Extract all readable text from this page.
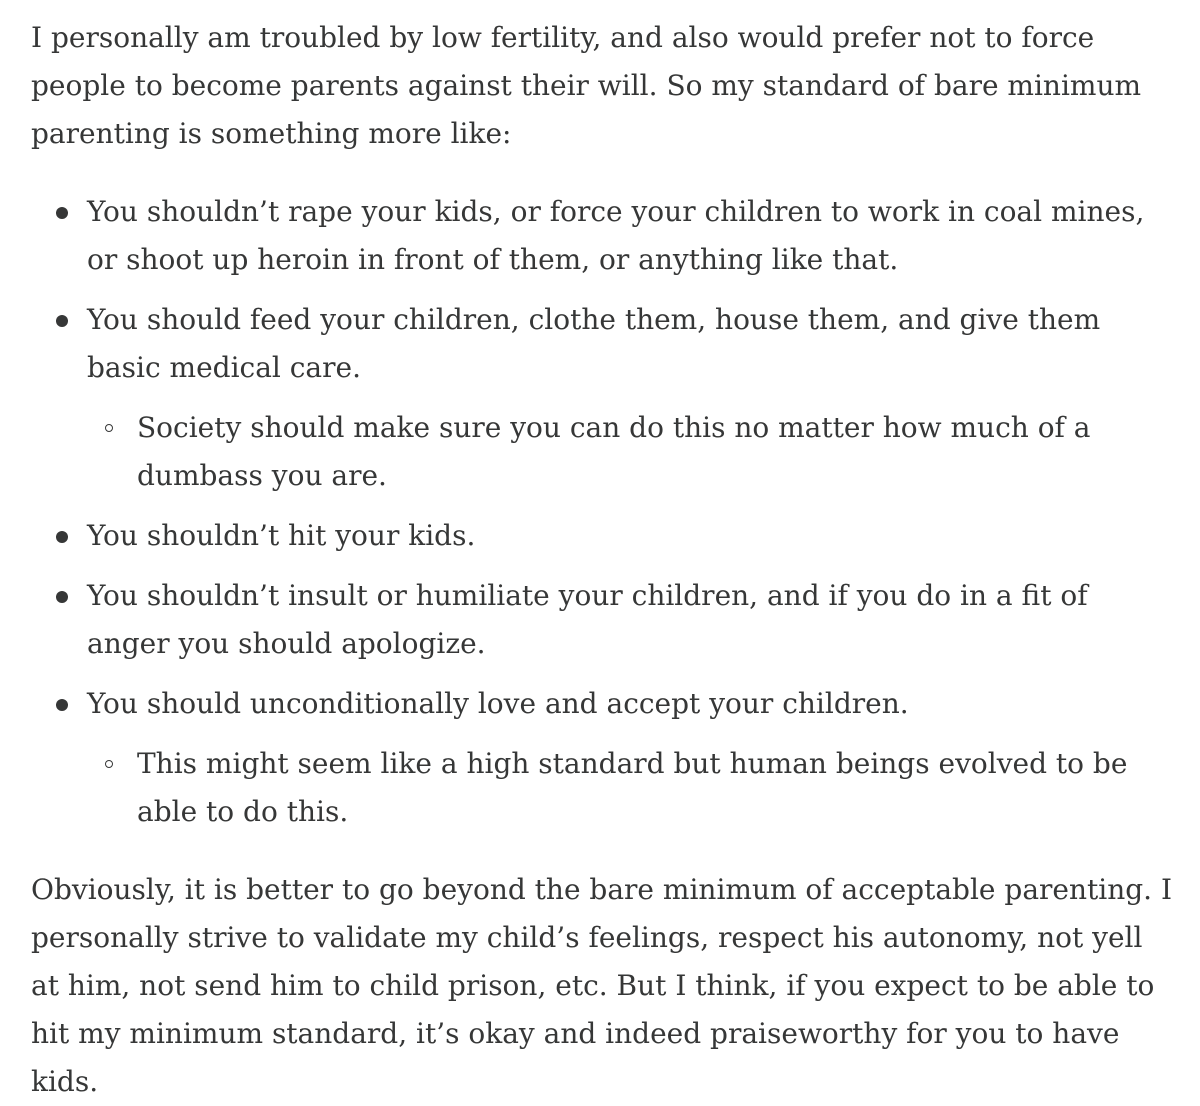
I personally am troubled by low fertility, and also would prefer not to force people to become parents against their will. So my standard of bare minimum parenting is something more like:

You shouldn’t rape your kids, or force your children to work in coal mines, or shoot up heroin in front of them, or anything like that.
You should feed your children, clothe them, house them, and give them basic medical care.
Society should make sure you can do this no matter how much of a dumbass you are.
You shouldn’t hit your kids.
You shouldn’t insult or humiliate your children, and if you do in a fit of anger you should apologize.
You should unconditionally love and accept your children.
This might seem like a high standard but human beings evolved to be able to do this.

Obviously, it is better to go beyond the bare minimum of acceptable parenting. I personally strive to validate my child’s feelings, respect his autonomy, not yell at him, not send him to child prison, etc. But I think, if you expect to be able to hit my minimum standard, it’s okay and indeed praiseworthy for you to have kids.
